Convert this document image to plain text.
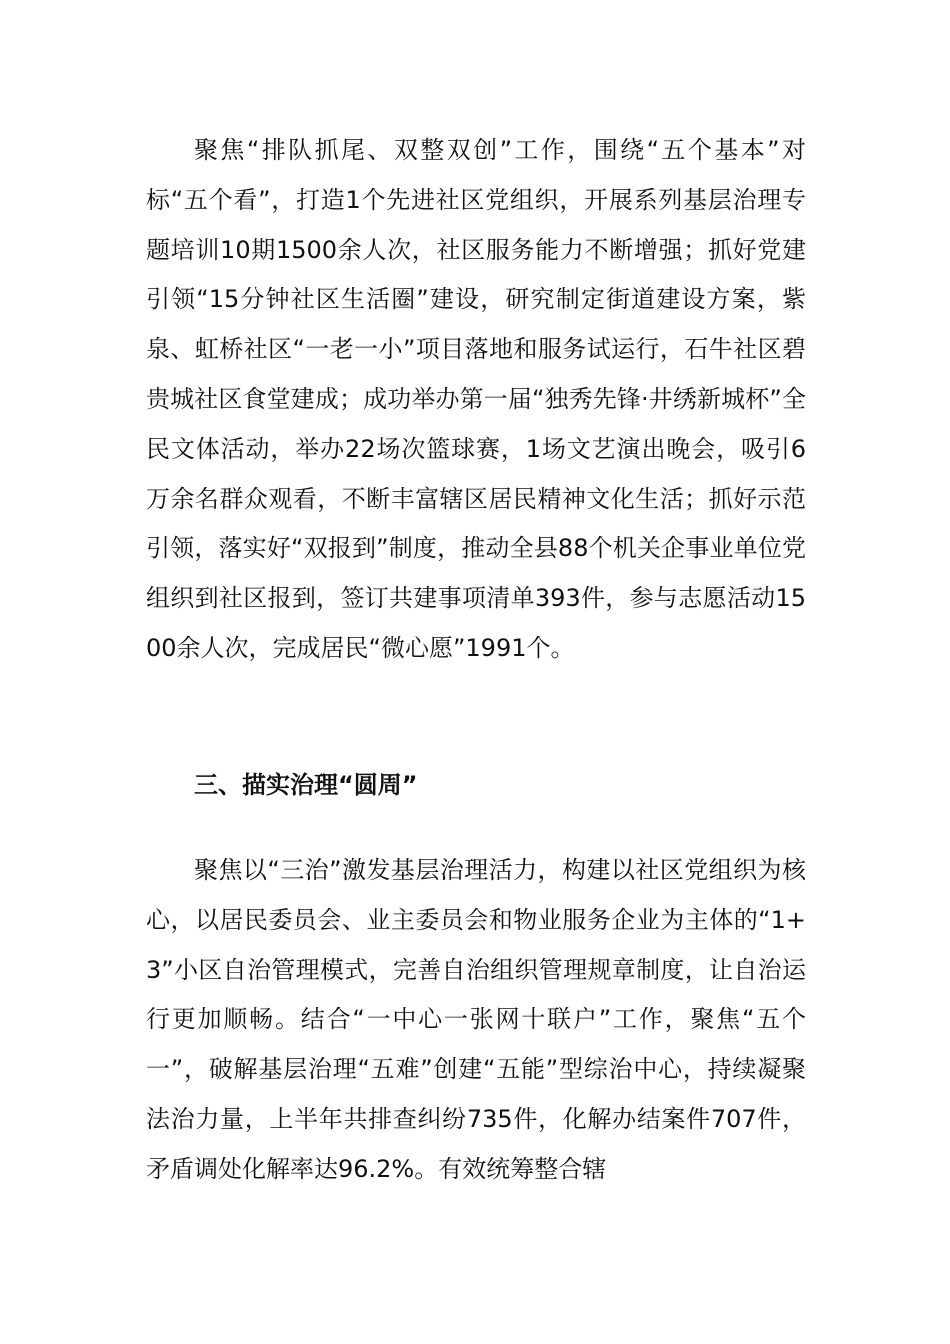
聚焦“排队抓尾、双整双创”工作，围绕“五个基本”对标“五个看”，打造1个先进社区党组织，开展系列基层治理专题培训10期1500余人次，社区服务能力不断增强；抓好党建引领“15分钟社区生活圈”建设，研究制定街道建设方案，紫泉、虹桥社区“一老一小”项目落地和服务试运行，石牛社区碧贵城社区食堂建成；成功举办第一届“独秀先锋·井绣新城杯”全民文体活动，举办22场次篮球赛，1场文艺演出晚会，吸引6万余名群众观看，不断丰富辖区居民精神文化生活；抓好示范引领，落实好“双报到”制度，推动全县88个机关企事业单位党组织到社区报到，签订共建事项清单393件，参与志愿活动1500余人次，完成居民“微心愿”1991个。

三、描实治理“圆周”

聚焦以“三治”激发基层治理活力，构建以社区党组织为核心，以居民委员会、业主委员会和物业服务企业为主体的“1+3”小区自治管理模式，完善自治组织管理规章制度，让自治运行更加顺畅。结合“一中心一张网十联户”工作，聚焦“五个一”，破解基层治理“五难”创建“五能”型综治中心，持续凝聚法治力量，上半年共排查纠纷735件，化解办结案件707件，矛盾调处化解率达96.2%。有效统筹整合辖
